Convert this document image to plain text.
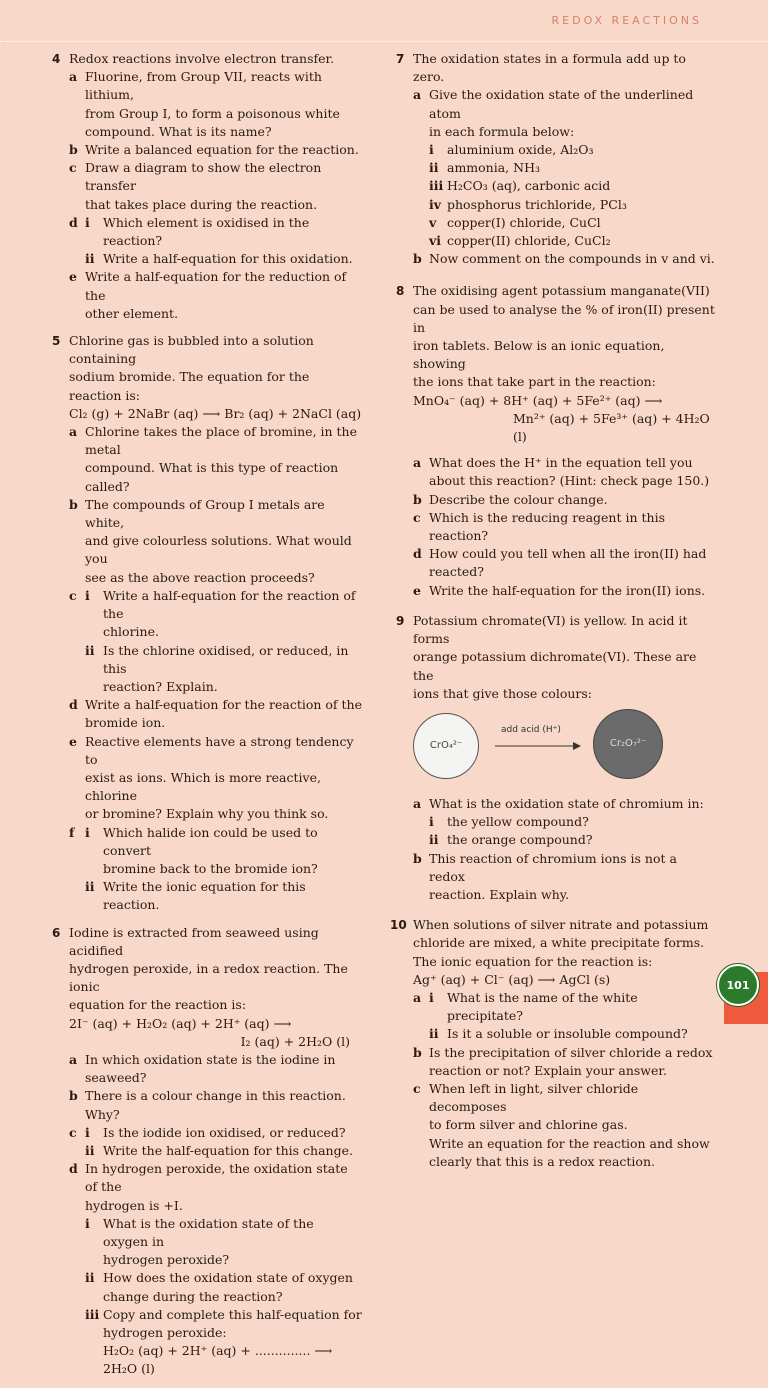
REDOX REACTIONS
4 Redox reactions involve electron transfer.
a Fluorine, from Group VII, reacts with lithium,
from Group I, to form a poisonous white
compound. What is its name?
b Write a balanced equation for the reaction.
c Draw a diagram to show the electron transfer
that takes place during the reaction.
d i Which element is oxidised in the reaction?
ii Write a half-equation for this oxidation.
e Write a half-equation for the reduction of the
other element.
5 Chlorine gas is bubbled into a solution containing
sodium bromide. The equation for the reaction is:
Cl₂ (g) + 2NaBr (aq) ⟶ Br₂ (aq) + 2NaCl (aq)
a Chlorine takes the place of bromine, in the metal
compound. What is this type of reaction called?
b The compounds of Group I metals are white,
and give colourless solutions. What would you
see as the above reaction proceeds?
c i Write a half-equation for the reaction of the
chlorine.
ii Is the chlorine oxidised, or reduced, in this
reaction? Explain.
d Write a half-equation for the reaction of the
bromide ion.
e Reactive elements have a strong tendency to
exist as ions. Which is more reactive, chlorine
or bromine? Explain why you think so.
f i Which halide ion could be used to convert
bromine back to the bromide ion?
ii Write the ionic equation for this reaction.
6 Iodine is extracted from seaweed using acidified
hydrogen peroxide, in a redox reaction. The ionic
equation for the reaction is:
2I⁻ (aq) + H₂O₂ (aq) + 2H⁺ (aq) ⟶
I₂ (aq) + 2H₂O (l)
a In which oxidation state is the iodine in seaweed?
b There is a colour change in this reaction. Why?
c i Is the iodide ion oxidised, or reduced?
ii Write the half-equation for this change.
d In hydrogen peroxide, the oxidation state of the
hydrogen is +I.
i What is the oxidation state of the oxygen in
hydrogen peroxide?
ii How does the oxidation state of oxygen
change during the reaction?
iii Copy and complete this half-equation for
hydrogen peroxide:
H₂O₂ (aq) + 2H⁺ (aq) + .............. ⟶ 2H₂O (l)
7 The oxidation states in a formula add up to zero.
a Give the oxidation state of the underlined atom
in each formula below:
i aluminium oxide, Al₂O₃
ii ammonia, NH₃
iii H₂CO₃ (aq), carbonic acid
iv phosphorus trichloride, PCl₃
v copper(I) chloride, CuCl
vi copper(II) chloride, CuCl₂
b Now comment on the compounds in v and vi.
8 The oxidising agent potassium manganate(VII)
can be used to analyse the % of iron(II) present in
iron tablets. Below is an ionic equation, showing
the ions that take part in the reaction:
MnO₄⁻ (aq) + 8H⁺ (aq) + 5Fe²⁺ (aq) ⟶
Mn²⁺ (aq) + 5Fe³⁺ (aq) + 4H₂O (l)
a What does the H⁺ in the equation tell you
about this reaction? (Hint: check page 150.)
b Describe the colour change.
c Which is the reducing reagent in this reaction?
d How could you tell when all the iron(II) had
reacted?
e Write the half-equation for the iron(II) ions.
9 Potassium chromate(VI) is yellow. In acid it forms
orange potassium dichromate(VI). These are the
ions that give those colours:
CrO₄²⁻
add acid (H⁺)
Cr₂O₇²⁻
a What is the oxidation state of chromium in:
i the yellow compound?
ii the orange compound?
b This reaction of chromium ions is not a redox
reaction. Explain why.
10 When solutions of silver nitrate and potassium
chloride are mixed, a white precipitate forms.
The ionic equation for the reaction is:
Ag⁺ (aq) + Cl⁻ (aq) ⟶ AgCl (s)
a i What is the name of the white precipitate?
ii Is it a soluble or insoluble compound?
b Is the precipitation of silver chloride a redox
reaction or not? Explain your answer.
c When left in light, silver chloride decomposes
to form silver and chlorine gas.
Write an equation for the reaction and show
clearly that this is a redox reaction.
101
